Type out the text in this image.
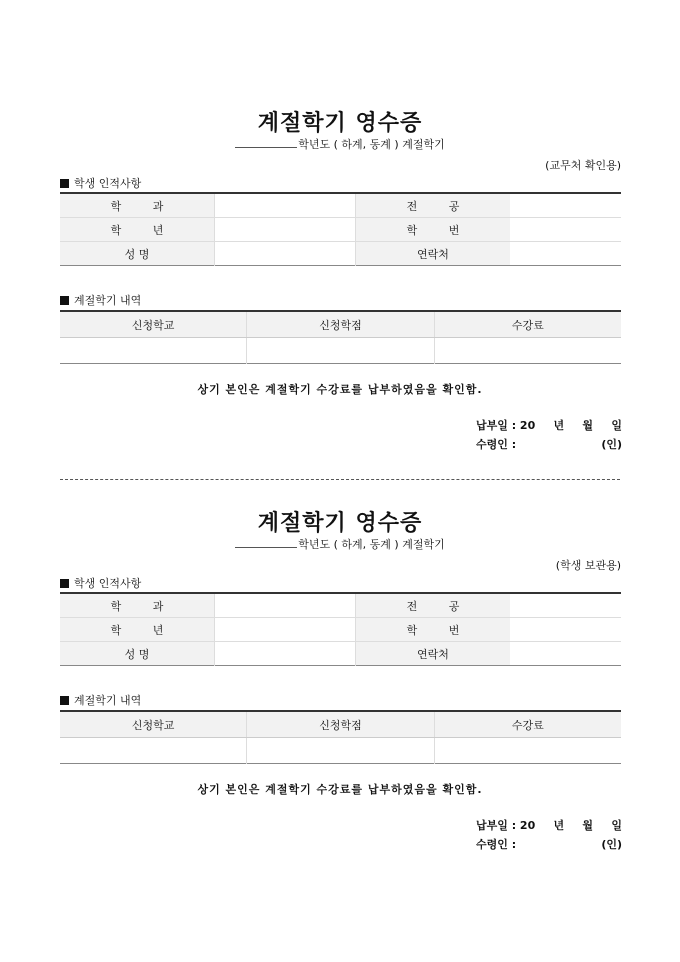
계절학기 영수증
학년도 ( 하계, 동계 ) 계절학기
(교무처 확인용)
학생 인적사항
학 과		전 공	
학 년		학 번	
성 명		연락처	
계절학기 내역
신청학교	신청학점	수강료

상기 본인은 계절학기 수강료를 납부하였음을 확인함.
납부일 : 20 년 월 일
수령인 :	(인)
계절학기 영수증
학년도 ( 하계, 동계 ) 계절학기
(학생 보관용)
학생 인적사항
학 과		전 공	
학 년		학 번	
성 명		연락처	
계절학기 내역
신청학교	신청학점	수강료

상기 본인은 계절학기 수강료를 납부하였음을 확인함.
납부일 : 20 년 월 일
수령인 :	(인)
